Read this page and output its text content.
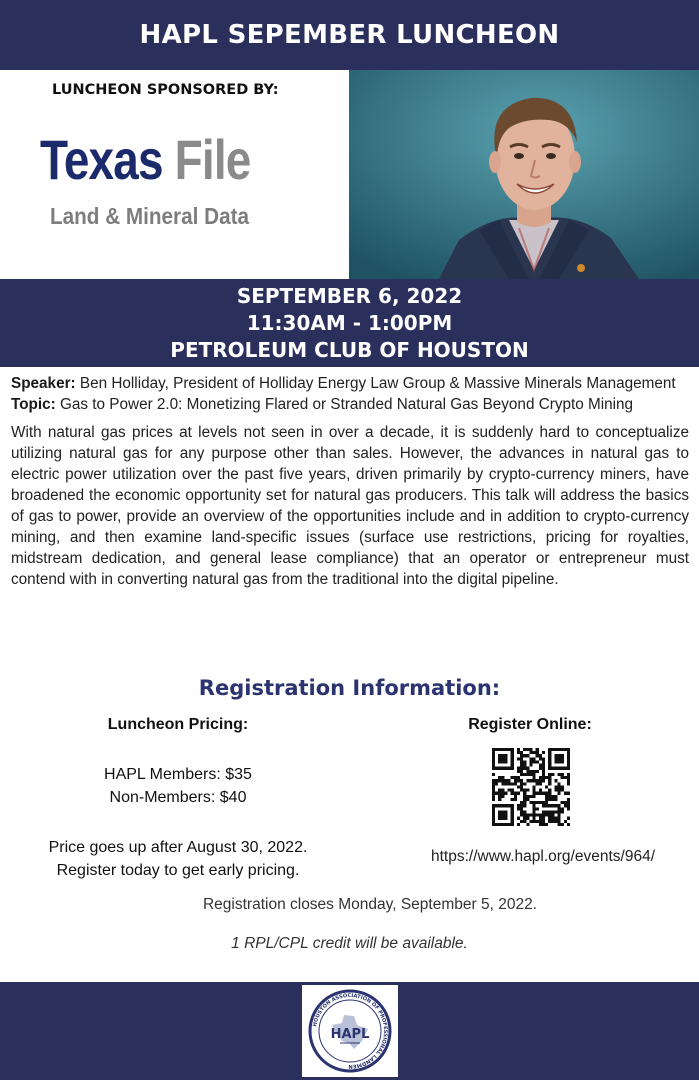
HAPL SEPEMBER LUNCHEON
LUNCHEON SPONSORED BY:
Texas File
Land & Mineral Data
SEPTEMBER 6, 2022
11:30AM - 1:00PM
PETROLEUM CLUB OF HOUSTON

Speaker: Ben Holliday, President of Holliday Energy Law Group & Massive Minerals Management

Topic: Gas to Power 2.0: Monetizing Flared or Stranded Natural Gas Beyond Crypto Mining

With natural gas prices at levels not seen in over a decade, it is suddenly hard to conceptualize utilizing natural gas for any purpose other than sales. However, the advances in natural gas to electric power utilization over the past five years, driven primarily by crypto-currency miners, have broadened the economic opportunity set for natural gas producers. This talk will address the basics of gas to power, provide an overview of the opportunities include and in addition to crypto-currency mining, and then examine land-specific issues (surface use restrictions, pricing for royalties, midstream dedication, and general lease compliance) that an operator or entrepreneur must contend with in converting natural gas from the traditional into the digital pipeline.

Registration Information:
Luncheon Pricing:
HAPL Members: $35
Non-Members: $40
Price goes up after August 30, 2022.
Register today to get early pricing.
Register Online:
https://www.hapl.org/events/964/
Registration closes Monday, September 5, 2022.
1 RPL/CPL credit will be available.
HOUSTON ASSOCIATION OF PROFESSIONAL LANDMEN
HAPL
